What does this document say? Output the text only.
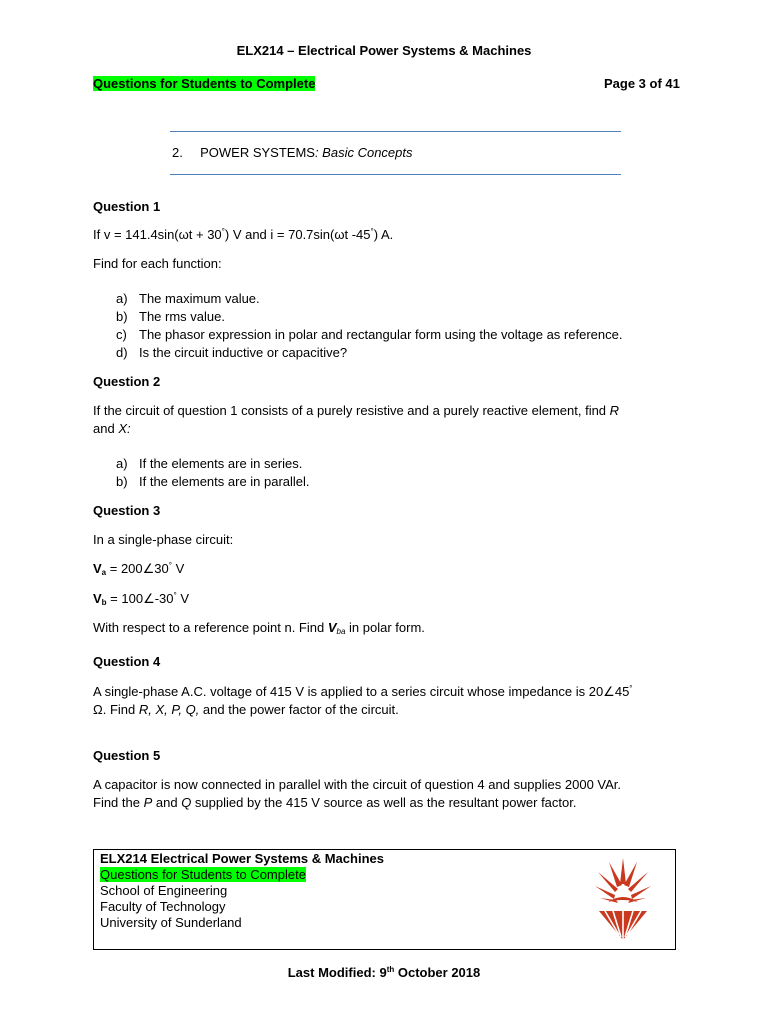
ELX214 – Electrical Power Systems & Machines
Questions for Students to Complete	Page 3 of 41
2. POWER SYSTEMS: Basic Concepts
Question 1
If v = 141.4sin(ωt + 30°) V and i = 70.7sin(ωt -45°) A.
Find for each function:
a) The maximum value.
b) The rms value.
c) The phasor expression in polar and rectangular form using the voltage as reference.
d) Is the circuit inductive or capacitive?
Question 2
If the circuit of question 1 consists of a purely resistive and a purely reactive element, find R
and X:
a) If the elements are in series.
b) If the elements are in parallel.
Question 3
In a single-phase circuit:
$V_a$ = 200∠30° V
$V_b$ = 100∠-30° V
With respect to a reference point n. Find $V_{ba}$ in polar form.
Question 4
A single-phase A.C. voltage of 415 V is applied to a series circuit whose impedance is 20∠45°
Ω. Find R, X, P, Q, and the power factor of the circuit.
Question 5
A capacitor is now connected in parallel with the circuit of question 4 and supplies 2000 VAr.
Find the P and Q supplied by the 415 V source as well as the resultant power factor.
ELX214 Electrical Power Systems & Machines
Questions for Students to Complete
School of Engineering
Faculty of Technology
University of Sunderland
Last Modified: 9th October 2018
